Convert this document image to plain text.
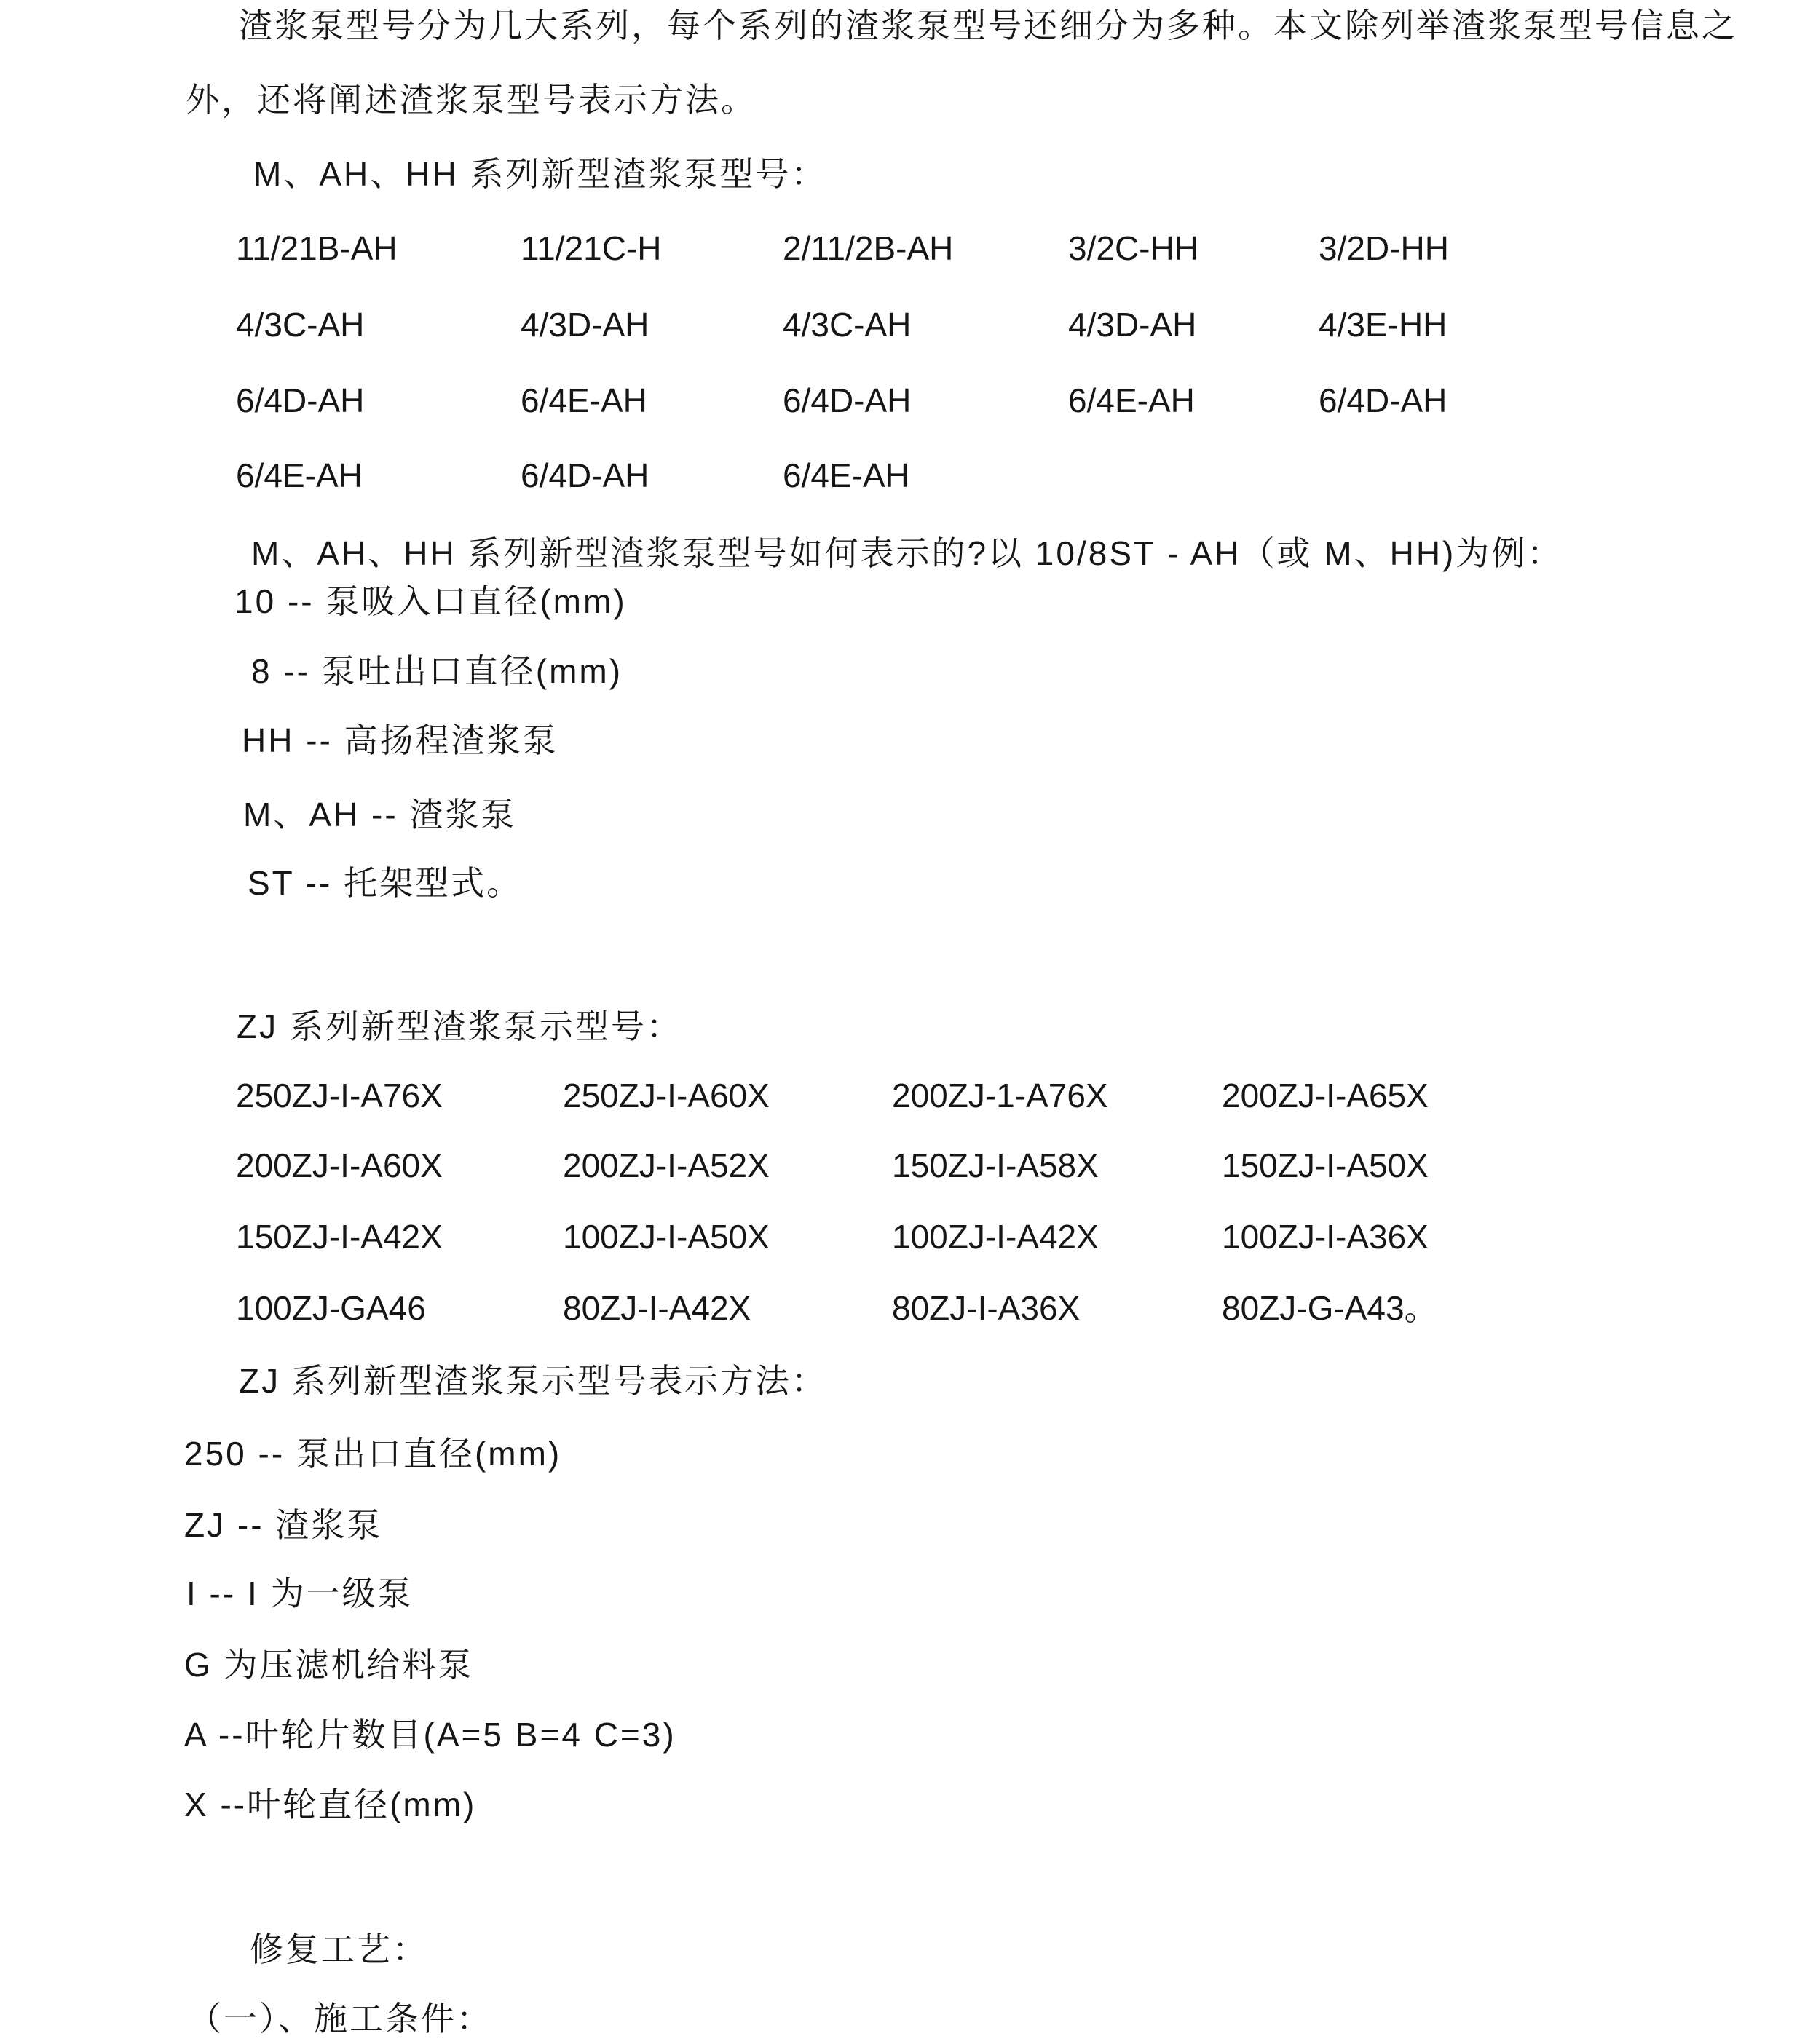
渣浆泵型号分为几大系列，每个系列的渣浆泵型号还细分为多种。本文除列举渣浆泵型号信息之
外，还将阐述渣浆泵型号表示方法。
M、AH、HH 系列新型渣浆泵型号：
11/21B-AH	11/21C-H	2/11/2B-AH	3/2C-HH	3/2D-HH
4/3C-AH	4/3D-AH	4/3C-AH	4/3D-AH	4/3E-HH
6/4D-AH	6/4E-AH	6/4D-AH	6/4E-AH	6/4D-AH
6/4E-AH	6/4D-AH	6/4E-AH
M、AH、HH 系列新型渣浆泵型号如何表示的?以 10/8ST - AH（或 M、HH)为例：
10 -- 泵吸入口直径(mm)
8 -- 泵吐出口直径(mm)
HH -- 高扬程渣浆泵
M、AH -- 渣浆泵
ST -- 托架型式。
ZJ 系列新型渣浆泵示型号：
250ZJ-I-A76X	250ZJ-I-A60X	200ZJ-1-A76X	200ZJ-I-A65X
200ZJ-I-A60X	200ZJ-I-A52X	150ZJ-I-A58X	150ZJ-I-A50X
150ZJ-I-A42X	100ZJ-I-A50X	100ZJ-I-A42X	100ZJ-I-A36X
100ZJ-GA46	80ZJ-I-A42X	80ZJ-I-A36X	80ZJ-G-A43。
ZJ 系列新型渣浆泵示型号表示方法：
250 -- 泵出口直径(mm)
ZJ -- 渣浆泵
I -- I 为一级泵
G 为压滤机给料泵
A --叶轮片数目(A=5 B=4 C=3)
X --叶轮直径(mm)
修复工艺：
（一）、施工条件：
